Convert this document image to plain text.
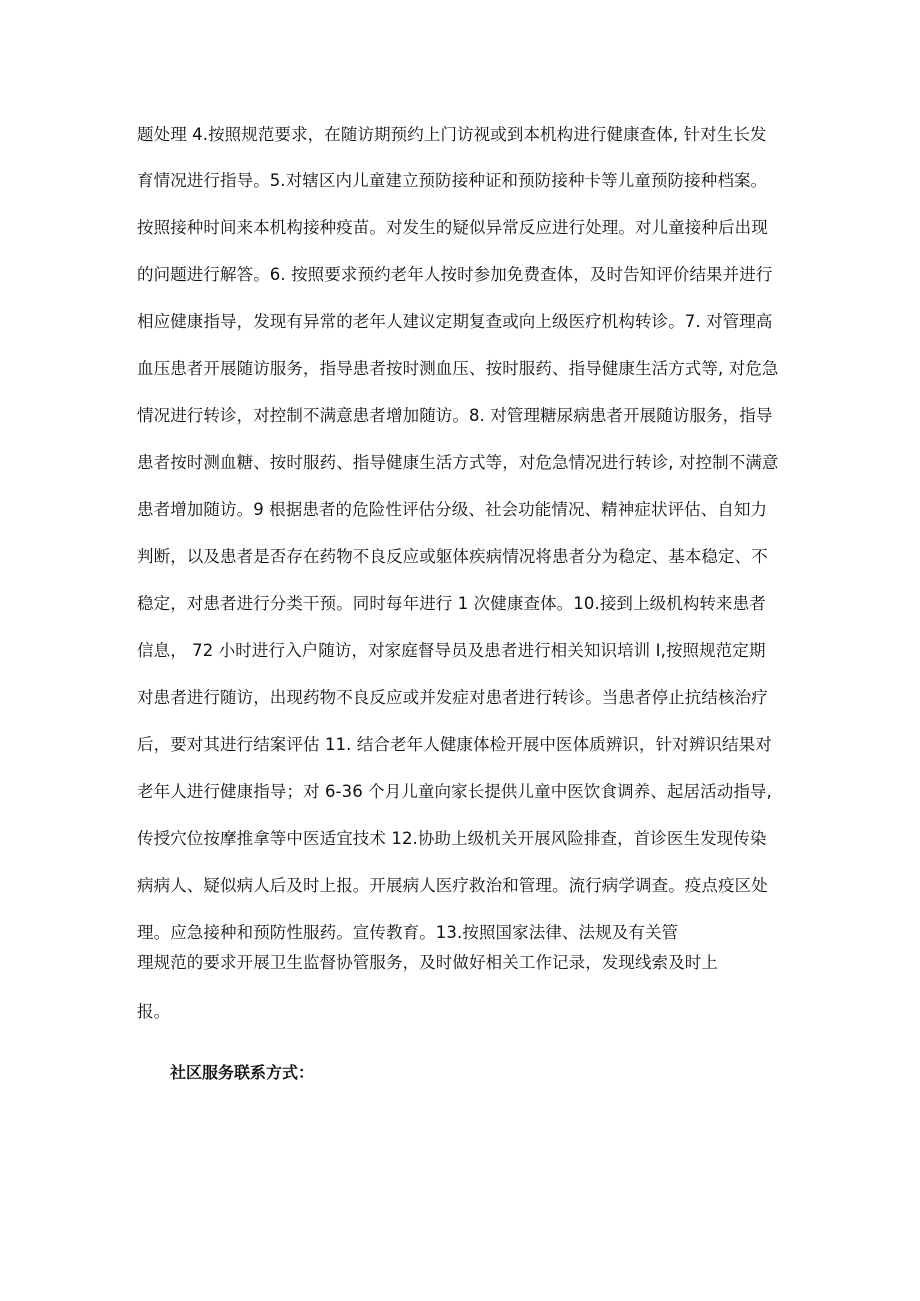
题处理 4.按照规范要求，在随访期预约上门访视或到本机构进行健康查体, 针对生长发
育情况进行指导。5.对辖区内儿童建立预防接种证和预防接种卡等儿童预防接种档案。
按照接种时间来本机构接种疫苗。对发生的疑似异常反应进行处理。对儿童接种后出现
的问题进行解答。6. 按照要求预约老年人按时参加免费查体，及时告知评价结果并进行
相应健康指导，发现有异常的老年人建议定期复查或向上级医疗机构转诊。7. 对管理高
血压患者开展随访服务，指导患者按时测血压、按时服药、指导健康生活方式等, 对危急
情况进行转诊，对控制不满意患者增加随访。8. 对管理糖尿病患者开展随访服务，指导
患者按时测血糖、按时服药、指导健康生活方式等，对危急情况进行转诊, 对控制不满意
患者增加随访。9 根据患者的危险性评估分级、社会功能情况、精神症状评估、自知力
判断，以及患者是否存在药物不良反应或躯体疾病情况将患者分为稳定、基本稳定、不
稳定，对患者进行分类干预。同时每年进行 1 次健康查体。10.接到上级机构转来患者
信息， 72 小时进行入户随访，对家庭督导员及患者进行相关知识培训 I,按照规范定期
对患者进行随访，出现药物不良反应或并发症对患者进行转诊。当患者停止抗结核治疗
后，要对其进行结案评估 11. 结合老年人健康体检开展中医体质辨识，针对辨识结果对
老年人进行健康指导；对 6-36 个月儿童向家长提供儿童中医饮食调养、起居活动指导,
传授穴位按摩推拿等中医适宜技术 12.协助上级机关开展风险排查，首诊医生发现传染
病病人、疑似病人后及时上报。开展病人医疗救治和管理。流行病学调查。疫点疫区处
理。应急接种和预防性服药。宣传教育。13.按照国家法律、法规及有关管
理规范的要求开展卫生监督协管服务，及时做好相关工作记录，发现线索及时上
报。
社区服务联系方式：
